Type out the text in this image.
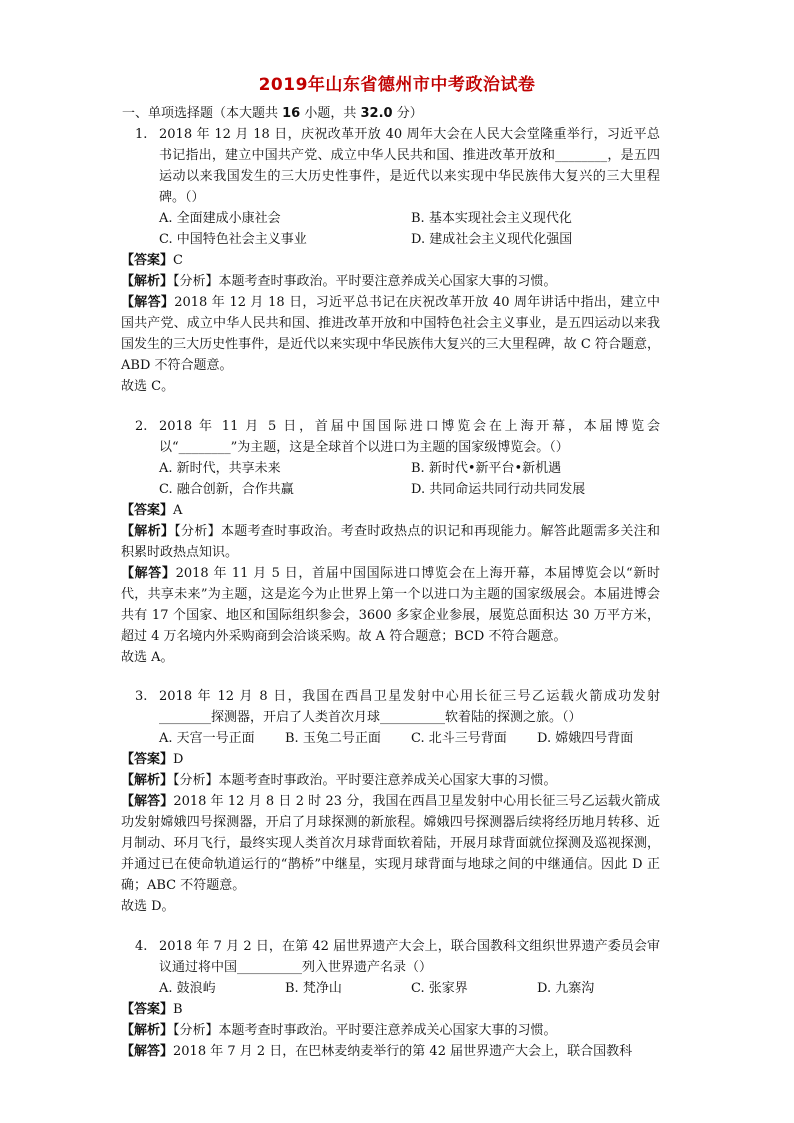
2019年山东省德州市中考政治试卷
一、单项选择题（本大题共 16 小题，共 32.0 分）
1. 2018 年 12 月 18 日，庆祝改革开放 40 周年大会在人民大会堂隆重举行，习近平总书记指出，建立中国共产党、成立中华人民共和国、推进改革开放和________，是五四运动以来我国发生的三大历史性事件，是近代以来实现中华民族伟大复兴的三大里程碑。（）
A. 全面建成小康社会	B. 基本实现社会主义现代化
C. 中国特色社会主义事业	D. 建成社会主义现代化强国
【答案】C
【解析】【分析】本题考查时事政治。平时要注意养成关心国家大事的习惯。
【解答】2018 年 12 月 18 日，习近平总书记在庆祝改革开放 40 周年讲话中指出，建立中国共产党、成立中华人民共和国、推进改革开放和中国特色社会主义事业，是五四运动以来我国发生的三大历史性事件，是近代以来实现中华民族伟大复兴的三大里程碑，故 C 符合题意，ABD 不符合题意。
故选 C。
2. 2018 年 11 月 5 日，首届中国国际进口博览会在上海开幕，本届博览会以“________”为主题，这是全球首个以进口为主题的国家级博览会。（）
A. 新时代，共享未来	B. 新时代•新平台•新机遇
C. 融合创新，合作共赢	D. 共同命运共同行动共同发展
【答案】A
【解析】【分析】本题考查时事政治。考查时政热点的识记和再现能力。解答此题需多关注和积累时政热点知识。
【解答】2018 年 11 月 5 日，首届中国国际进口博览会在上海开幕，本届博览会以“新时代，共享未来”为主题，这是迄今为止世界上第一个以进口为主题的国家级展会。本届进博会共有 17 个国家、地区和国际组织参会，3600 多家企业参展，展览总面积达 30 万平方米，超过 4 万名境内外采购商到会洽谈采购。故 A 符合题意；BCD 不符合题意。
故选 A。
3. 2018 年 12 月 8 日，我国在西昌卫星发射中心用长征三号乙运载火箭成功发射________探测器，开启了人类首次月球__________软着陆的探测之旅。（）
A. 天宫一号正面	B. 玉兔二号正面	C. 北斗三号背面	D. 嫦娥四号背面
【答案】D
【解析】【分析】本题考查时事政治。平时要注意养成关心国家大事的习惯。
【解答】2018 年 12 月 8 日 2 时 23 分，我国在西昌卫星发射中心用长征三号乙运载火箭成功发射嫦娥四号探测器，开启了月球探测的新旅程。嫦娥四号探测器后续将经历地月转移、近月制动、环月飞行，最终实现人类首次月球背面软着陆，开展月球背面就位探测及巡视探测，并通过已在使命轨道运行的“鹊桥”中继星，实现月球背面与地球之间的中继通信。因此 D 正确；ABC 不符题意。
故选 D。
4. 2018 年 7 月 2 日，在第 42 届世界遗产大会上，联合国教科文组织世界遗产委员会审议通过将中国__________列入世界遗产名录（）
A. 鼓浪屿	B. 梵净山	C. 张家界	D. 九寨沟
【答案】B
【解析】【分析】本题考查时事政治。平时要注意养成关心国家大事的习惯。
【解答】2018 年 7 月 2 日，在巴林麦纳麦举行的第 42 届世界遗产大会上，联合国教科
